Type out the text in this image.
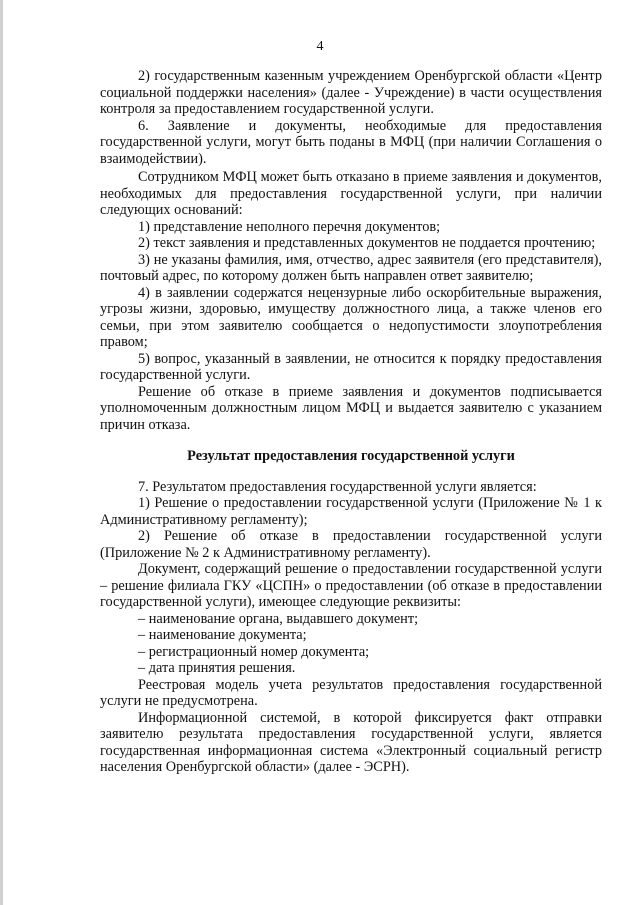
4

2) государственным казенным учреждением Оренбургской области «Центр социальной поддержки населения» (далее - Учреждение) в части осуществления контроля за предоставлением государственной услуги.

6. Заявление и документы, необходимые для предоставления государственной услуги, могут быть поданы в МФЦ (при наличии Соглашения о взаимодействии).

Сотрудником МФЦ может быть отказано в приеме заявления и документов, необходимых для предоставления государственной услуги, при наличии следующих оснований:

1) представление неполного перечня документов;

2) текст заявления и представленных документов не поддается прочтению;

3) не указаны фамилия, имя, отчество, адрес заявителя (его представителя), почтовый адрес, по которому должен быть направлен ответ заявителю;

4) в заявлении содержатся нецензурные либо оскорбительные выражения, угрозы жизни, здоровью, имуществу должностного лица, а также членов его семьи, при этом заявителю сообщается о недопустимости злоупотребления правом;

5) вопрос, указанный в заявлении, не относится к порядку предоставления государственной услуги.

Решение об отказе в приеме заявления и документов подписывается уполномоченным должностным лицом МФЦ и выдается заявителю с указанием причин отказа.

Результат предоставления государственной услуги

7. Результатом предоставления государственной услуги является:

1) Решение о предоставлении государственной услуги (Приложение № 1 к Административному регламенту);

2) Решение об отказе в предоставлении государственной услуги (Приложение № 2 к Административному регламенту).

Документ, содержащий решение о предоставлении государственной услуги – решение филиала ГКУ «ЦСПН» о предоставлении (об отказе в предоставлении государственной услуги), имеющее следующие реквизиты:

– наименование органа, выдавшего документ;

– наименование документа;

– регистрационный номер документа;

– дата принятия решения.

Реестровая модель учета результатов предоставления государственной услуги не предусмотрена.

Информационной системой, в которой фиксируется факт отправки заявителю результата предоставления государственной услуги, является государственная информационная система «Электронный социальный регистр населения Оренбургской области» (далее - ЭСРН).
